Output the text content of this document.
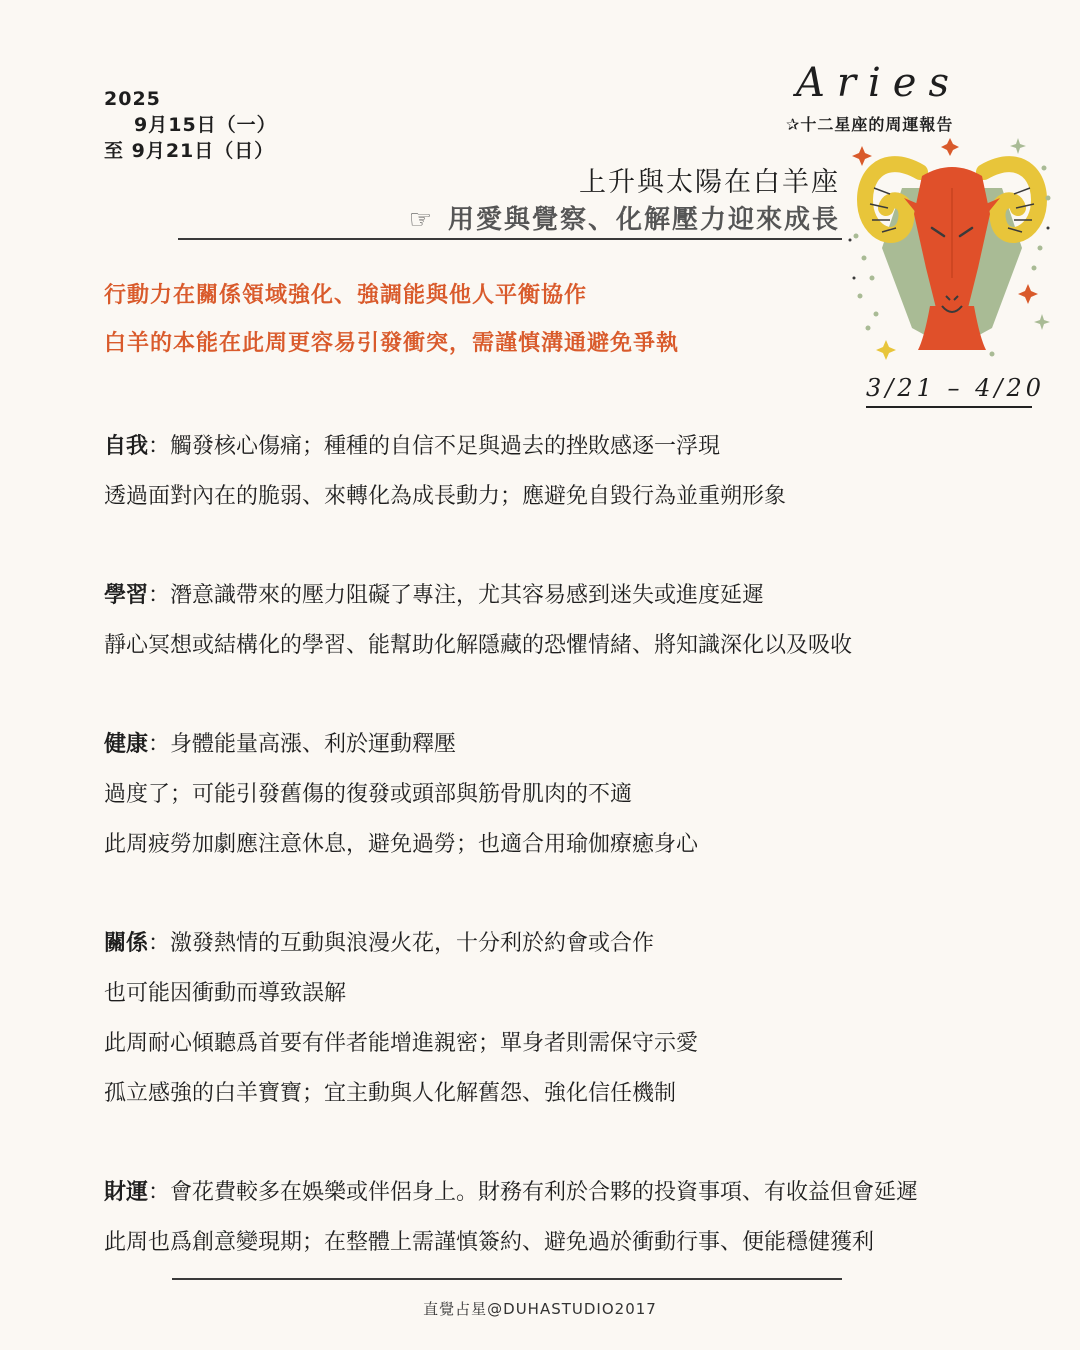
2025
9月15日（一）
至 9月21日（日）
Aries
✰十二星座的周運報告
上升與太陽在白羊座
☞ 用愛與覺察、化解壓力迎來成長
行動力在關係領域強化、強調能與他人平衡協作
白羊的本能在此周更容易引發衝突，需謹慎溝通避免爭執
3/21 – 4/20
自我：觸發核心傷痛；種種的自信不足與過去的挫敗感逐一浮現
透過面對內在的脆弱、來轉化為成長動力；應避免自毀行為並重朔形象
學習：潛意識帶來的壓力阻礙了專注，尤其容易感到迷失或進度延遲
靜心冥想或結構化的學習、能幫助化解隱藏的恐懼情緒、將知識深化以及吸收
健康：身體能量高漲、利於運動釋壓
過度了；可能引發舊傷的復發或頭部與筋骨肌肉的不適
此周疲勞加劇應注意休息，避免過勞；也適合用瑜伽療癒身心
關係：激發熱情的互動與浪漫火花，十分利於約會或合作
也可能因衝動而導致誤解
此周耐心傾聽爲首要有伴者能增進親密；單身者則需保守示愛
孤立感強的白羊寶寶；宜主動與人化解舊怨、強化信任機制
財運：會花費較多在娛樂或伴侶身上。財務有利於合夥的投資事項、有收益但會延遲
此周也爲創意變現期；在整體上需謹慎簽約、避免過於衝動行事、便能穩健獲利
直覺占星@DUHASTUDIO2017
